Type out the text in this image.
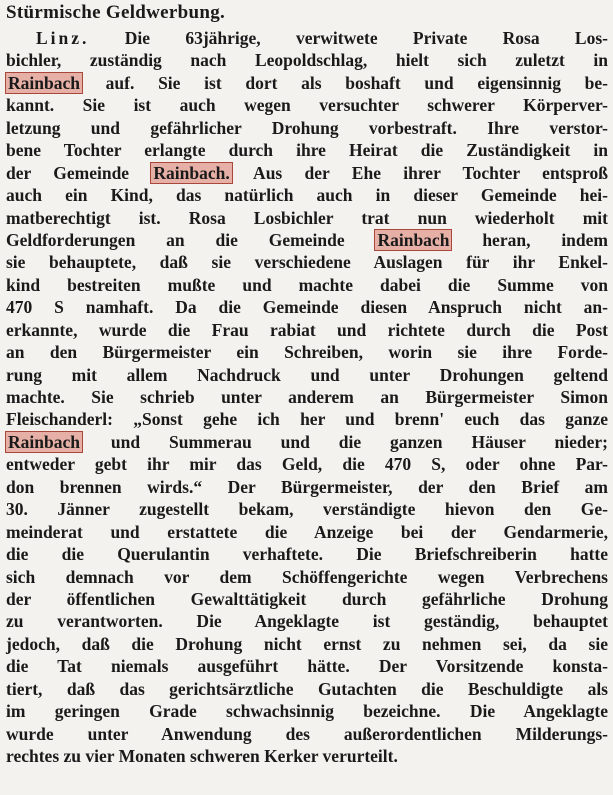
Stürmische Geldwerbung.
Linz. Die 63jährige, verwitwete Private Rosa Los-
bichler, zuständig nach Leopoldschlag, hielt sich zuletzt in
Rainbach auf. Sie ist dort als boshaft und eigensinnig be-
kannt. Sie ist auch wegen versuchter schwerer Körperver-
letzung und gefährlicher Drohung vorbestraft. Ihre verstor-
bene Tochter erlangte durch ihre Heirat die Zuständigkeit in
der Gemeinde Rainbach. Aus der Ehe ihrer Tochter entsproß
auch ein Kind, das natürlich auch in dieser Gemeinde hei-
matberechtigt ist. Rosa Losbichler trat nun wiederholt mit
Geldforderungen an die Gemeinde Rainbach heran, indem
sie behauptete, daß sie verschiedene Auslagen für ihr Enkel-
kind bestreiten mußte und machte dabei die Summe von
470 S namhaft. Da die Gemeinde diesen Anspruch nicht an-
erkannte, wurde die Frau rabiat und richtete durch die Post
an den Bürgermeister ein Schreiben, worin sie ihre Forde-
rung mit allem Nachdruck und unter Drohungen geltend
machte. Sie schrieb unter anderem an Bürgermeister Simon
Fleischanderl: „Sonst gehe ich her und brenn' euch das ganze
Rainbach und Summerau und die ganzen Häuser nieder;
entweder gebt ihr mir das Geld, die 470 S, oder ohne Par-
don brennen wirds.“ Der Bürgermeister, der den Brief am
30. Jänner zugestellt bekam, verständigte hievon den Ge-
meinderat und erstattete die Anzeige bei der Gendarmerie,
die die Querulantin verhaftete. Die Briefschreiberin hatte
sich demnach vor dem Schöffengerichte wegen Verbrechens
der öffentlichen Gewalttätigkeit durch gefährliche Drohung
zu verantworten. Die Angeklagte ist geständig, behauptet
jedoch, daß die Drohung nicht ernst zu nehmen sei, da sie
die Tat niemals ausgeführt hätte. Der Vorsitzende konsta-
tiert, daß das gerichtsärztliche Gutachten die Beschuldigte als
im geringen Grade schwachsinnig bezeichne. Die Angeklagte
wurde unter Anwendung des außerordentlichen Milderungs-
rechtes zu vier Monaten schweren Kerker verurteilt.
